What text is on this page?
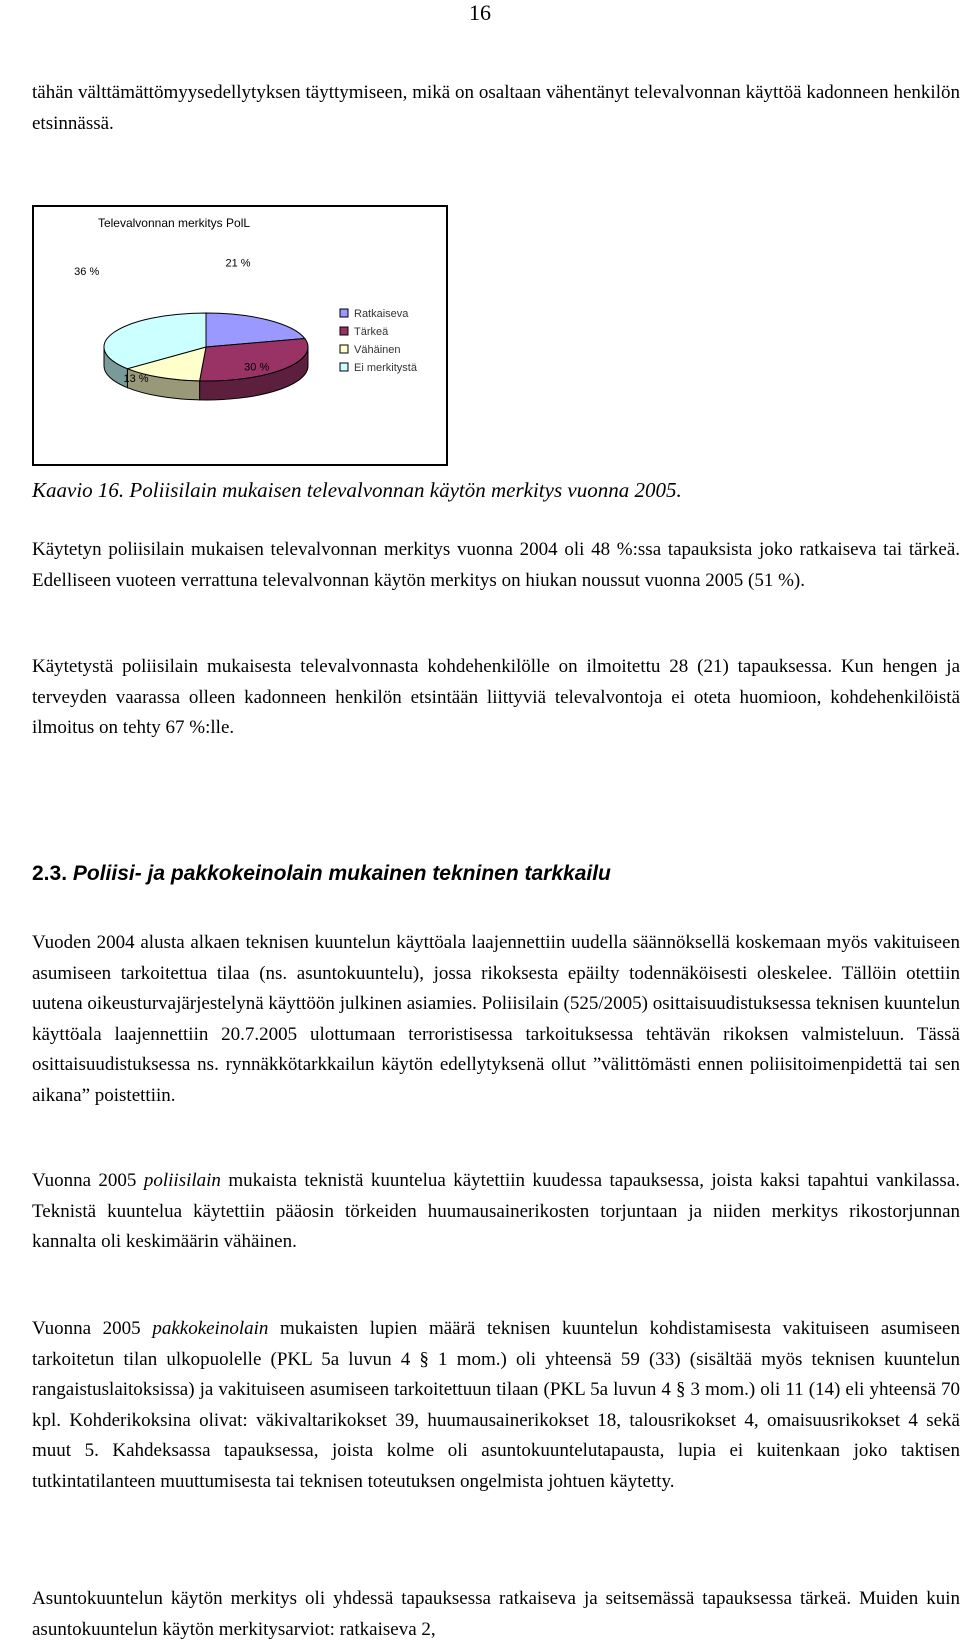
16

tähän välttämättömyysedellytyksen täyttymiseen, mikä on osaltaan vähentänyt televalvonnan käyttöä kadonneen henkilön etsinnässä.

Televalvonnan merkitys PolL
21 %
30 %
13 %
36 %
Ratkaiseva
Tärkeä
Vähäinen
Ei merkitystä

Kaavio 16. Poliisilain mukaisen televalvonnan käytön merkitys vuonna 2005.

Käytetyn poliisilain mukaisen televalvonnan merkitys vuonna 2004 oli 48 %:ssa tapauksista joko ratkaiseva tai tärkeä. Edelliseen vuoteen verrattuna televalvonnan käytön merkitys on hiukan noussut vuonna 2005 (51 %).

Käytetystä poliisilain mukaisesta televalvonnasta kohdehenkilölle on ilmoitettu 28 (21) tapauksessa. Kun hengen ja terveyden vaarassa olleen kadonneen henkilön etsintään liittyviä televalvontoja ei oteta huomioon, kohdehenkilöistä ilmoitus on tehty 67 %:lle.

2.3. Poliisi- ja pakkokeinolain mukainen tekninen tarkkailu

Vuoden 2004 alusta alkaen teknisen kuuntelun käyttöala laajennettiin uudella säännöksellä koskemaan myös vakituiseen asumiseen tarkoitettua tilaa (ns. asuntokuuntelu), jossa rikoksesta epäilty todennäköisesti oleskelee. Tällöin otettiin uutena oikeusturvajärjestelynä käyttöön julkinen asiamies. Poliisilain (525/2005) osittaisuudistuksessa teknisen kuuntelun käyttöala laajennettiin 20.7.2005 ulottumaan terroristisessa tarkoituksessa tehtävän rikoksen valmisteluun. Tässä osittaisuudistuksessa ns. rynnäkkötarkkailun käytön edellytyksenä ollut ”välittömästi ennen poliisitoimenpidettä tai sen aikana” poistettiin.

Vuonna 2005 poliisilain mukaista teknistä kuuntelua käytettiin kuudessa tapauksessa, joista kaksi tapahtui vankilassa. Teknistä kuuntelua käytettiin pääosin törkeiden huumausainerikosten torjuntaan ja niiden merkitys rikostorjunnan kannalta oli keskimäärin vähäinen.

Vuonna 2005 pakkokeinolain mukaisten lupien määrä teknisen kuuntelun kohdistamisesta vakituiseen asumiseen tarkoitetun tilan ulkopuolelle (PKL 5a luvun 4 § 1 mom.) oli yhteensä 59 (33) (sisältää myös teknisen kuuntelun rangaistuslaitoksissa) ja vakituiseen asumiseen tarkoitettuun tilaan (PKL 5a luvun 4 § 3 mom.) oli 11 (14) eli yhteensä 70 kpl. Kohderikoksina olivat: väkivaltarikokset 39, huumausainerikokset 18, talousrikokset 4, omaisuusrikokset 4 sekä muut 5. Kahdeksassa tapauksessa, joista kolme oli asuntokuuntelutapausta, lupia ei kuitenkaan joko taktisen tutkintatilanteen muuttumisesta tai teknisen toteutuksen ongelmista johtuen käytetty.

Asuntokuuntelun käytön merkitys oli yhdessä tapauksessa ratkaiseva ja seitsemässä tapauksessa tärkeä. Muiden kuin asuntokuuntelun käytön merkitysarviot: ratkaiseva 2,
